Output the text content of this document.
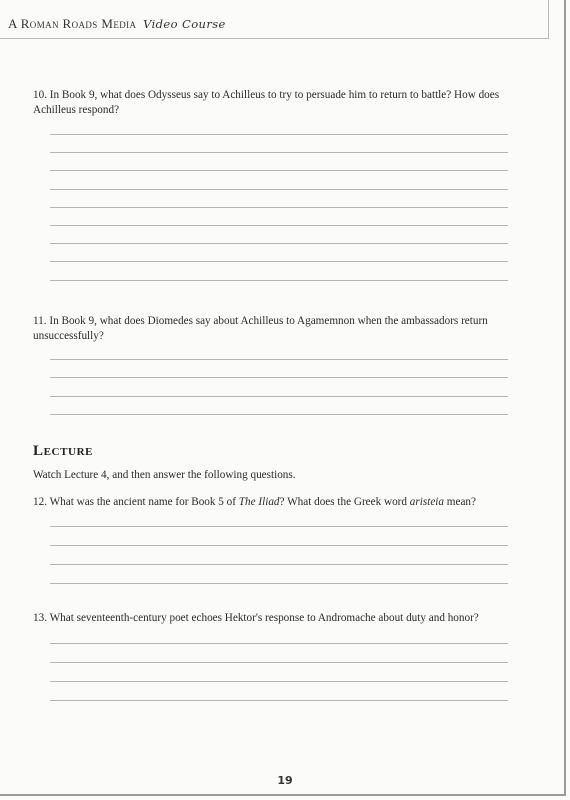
A Roman Roads Media Video Course
10. In Book 9, what does Odysseus say to Achilleus to try to persuade him to return to battle? How does Achilleus respond?
11. In Book 9, what does Diomedes say about Achilleus to Agamemnon when the ambassadors return unsuccessfully?
Lecture
Watch Lecture 4, and then answer the following questions.
12. What was the ancient name for Book 5 of The Iliad? What does the Greek word aristeia mean?
13. What seventeenth-century poet echoes Hektor's response to Andromache about duty and honor?
19
